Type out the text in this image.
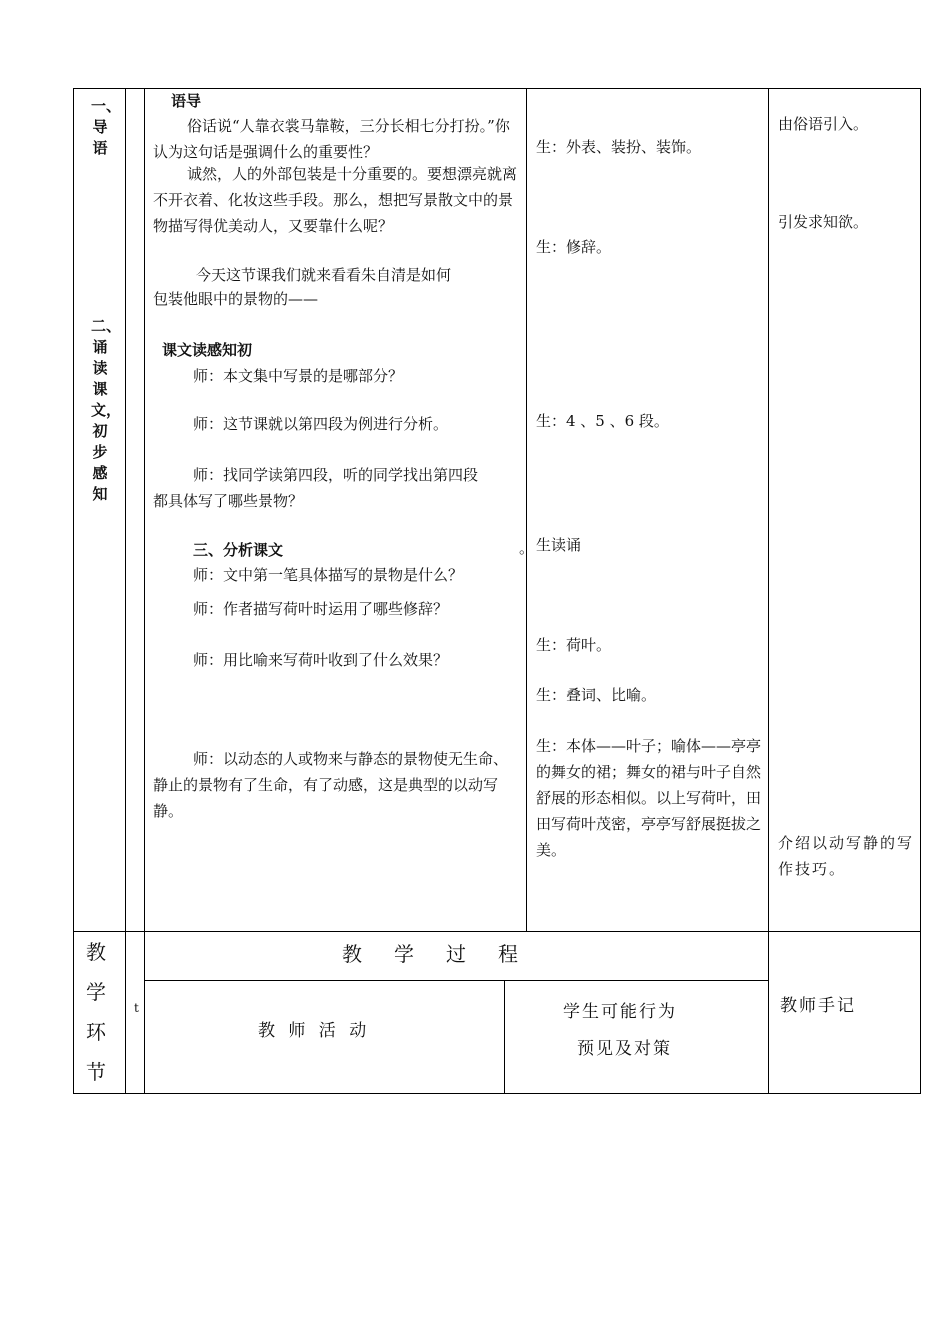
一、导语
二、诵读课文，初步感知
语导
俗话说“人靠衣裳马靠鞍，三分长相七分打扮。”你认为这句话是强调什么的重要性？
诚然，人的外部包装是十分重要的。要想漂亮就离不开衣着、化妆这些手段。那么，想把写景散文中的景物描写得优美动人，又要靠什么呢？
今天这节课我们就来看看朱自清是如何
包装他眼中的景物的——
课文读感知初
师：本文集中写景的是哪部分？
师：这节课就以第四段为例进行分析。
师：找同学读第四段，听的同学找出第四段
都具体写了哪些景物？
三、分析课文
师：文中第一笔具体描写的景物是什么？
师：作者描写荷叶时运用了哪些修辞？
师：用比喻来写荷叶收到了什么效果？
师：以动态的人或物来与静态的景物使无生命、静止的景物有了生命，有了动感，这是典型的以动写静。
生：外表、装扮、装饰。
生：修辞。
生：4 、5 、6 段。
。 生读诵
生：荷叶。
生：叠词、比喻。
生：本体——叶子；喻体——亭亭的舞女的裙；舞女的裙与叶子自然舒展的形态相似。以上写荷叶，田田写荷叶茂密，亭亭写舒展挺拔之美。
由俗语引入。
引发求知欲。
介绍以动写静的写作技巧。
教
学
环
节
t
教　学　过　程
教 师 活 动
学生可能行为
预见及对策
教师手记
